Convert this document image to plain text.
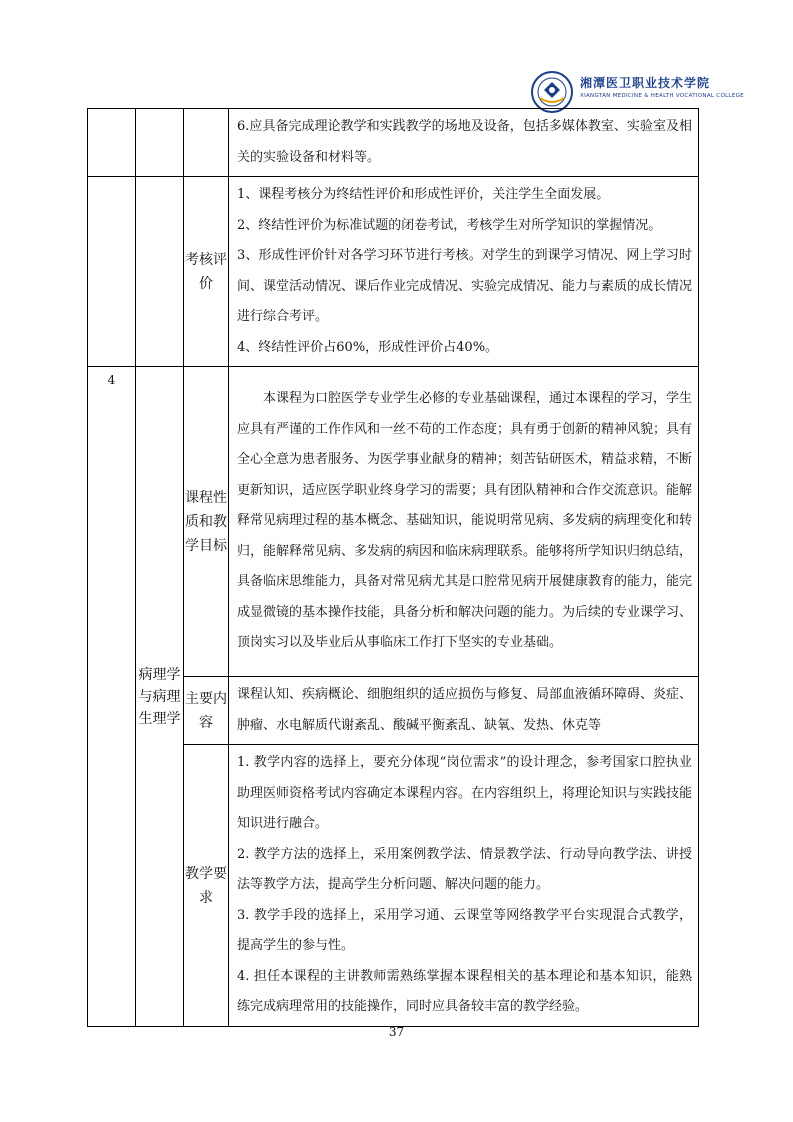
湘潭医卫职业技术学院
XIANGTAN MEDICINE & HEALTH VOCATIONAL COLLEGE

			6.应具备完成理论教学和实践教学的场地及设备，包括多媒体教室、实验室及相关的实验设备和材料等。

		考核评价	1、课程考核分为终结性评价和形成性评价，关注学生全面发展。

2、终结性评价为标准试题的闭卷考试，考核学生对所学知识的掌握情况。

3、形成性评价针对各学习环节进行考核。对学生的到课学习情况、网上学习时间、课堂活动情况、课后作业完成情况、实验完成情况、能力与素质的成长情况进行综合考评。

4、终结性评价占60%，形成性评价占40%。

4	病理学与病理生理学	课程性质和教学目标	本课程为口腔医学专业学生必修的专业基础课程，通过本课程的学习，学生应具有严谨的工作作风和一丝不苟的工作态度；具有勇于创新的精神风貌；具有全心全意为患者服务、为医学事业献身的精神；刻苦钻研医术，精益求精，不断更新知识，适应医学职业终身学习的需要；具有团队精神和合作交流意识。能解释常见病理过程的基本概念、基础知识，能说明常见病、多发病的病理变化和转归，能解释常见病、多发病的病因和临床病理联系。能够将所学知识归纳总结，具备临床思维能力，具备对常见病尤其是口腔常见病开展健康教育的能力，能完成显微镜的基本操作技能，具备分析和解决问题的能力。为后续的专业课学习、顶岗实习以及毕业后从事临床工作打下坚实的专业基础。

		主要内容	课程认知、疾病概论、细胞组织的适应损伤与修复、局部血液循环障碍、炎症、肿瘤、水电解质代谢紊乱、酸碱平衡紊乱、缺氧、发热、休克等

		教学要求	1. 教学内容的选择上，要充分体现“岗位需求”的设计理念，参考国家口腔执业助理医师资格考试内容确定本课程内容。在内容组织上，将理论知识与实践技能知识进行融合。

2. 教学方法的选择上，采用案例教学法、情景教学法、行动导向教学法、讲授法等教学方法，提高学生分析问题、解决问题的能力。

3. 教学手段的选择上，采用学习通、云课堂等网络教学平台实现混合式教学，提高学生的参与性。

4. 担任本课程的主讲教师需熟练掌握本课程相关的基本理论和基本知识，能熟练完成病理常用的技能操作，同时应具备较丰富的教学经验。

37
